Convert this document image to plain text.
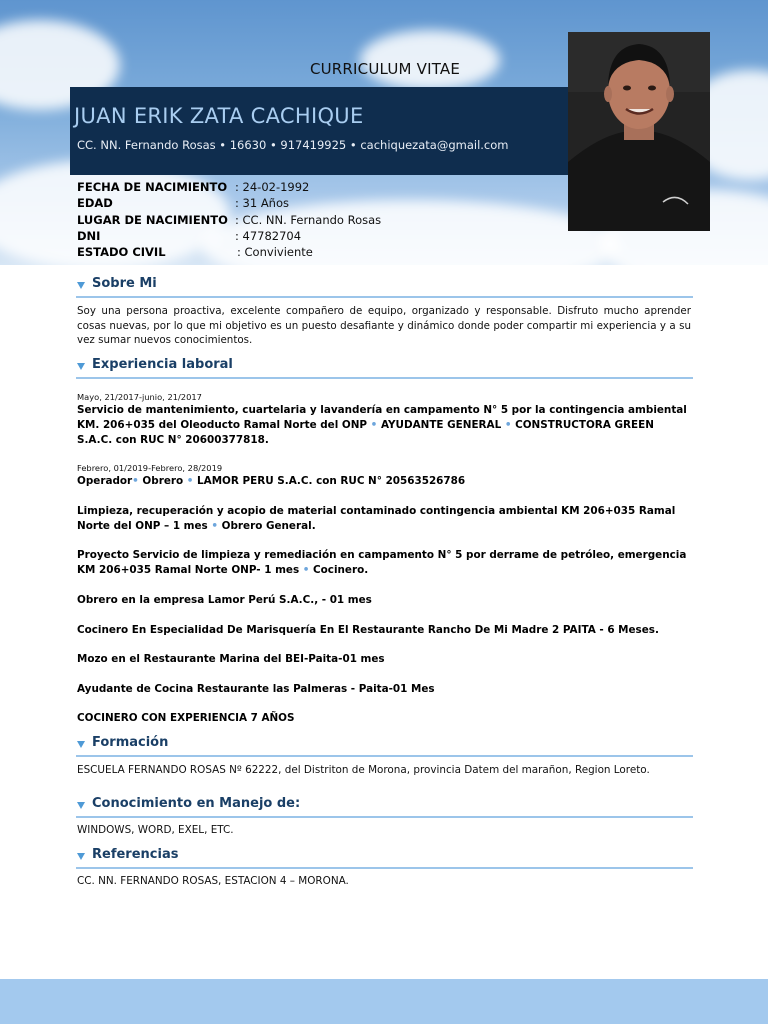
CURRICULUM VITAE
JUAN ERIK ZATA CACHIQUE
CC. NN. Fernando Rosas • 16630 • 917419925 • cachiquezata@gmail.com
FECHA DE NACIMIENTO : 24-02-1992
EDAD	: 31 Años
LUGAR DE NACIMIENTO : CC. NN. Fernando Rosas
DNI	: 47782704
ESTADO CIVIL	: Conviviente
Sobre Mi
Soy una persona proactiva, excelente compañero de equipo, organizado y responsable. Disfruto mucho aprender cosas nuevas, por lo que mi objetivo es un puesto desafiante y dinámico donde poder compartir mi experiencia y a su vez sumar nuevos conocimientos.
Experiencia laboral
Mayo, 21/2017-junio, 21/2017
Servicio de mantenimiento, cuartelaria y lavandería en campamento N° 5 por la contingencia ambiental KM. 206+035 del Oleoducto Ramal Norte del ONP • AYUDANTE GENERAL • CONSTRUCTORA GREEN S.A.C. con RUC N° 20600377818.
Febrero, 01/2019-Febrero, 28/2019
Operador• Obrero • LAMOR PERU S.A.C. con RUC N° 20563526786
Limpieza, recuperación y acopio de material contaminado contingencia ambiental KM 206+035 Ramal Norte del ONP – 1 mes • Obrero General.
Proyecto Servicio de limpieza y remediación en campamento N° 5 por derrame de petróleo, emergencia KM 206+035 Ramal Norte ONP- 1 mes • Cocinero.
Obrero en la empresa Lamor Perú S.A.C., - 01 mes
Cocinero En Especialidad De Marisquería En El Restaurante Rancho De Mi Madre 2 PAITA - 6 Meses.
Mozo en el Restaurante Marina del BEI-Paita-01 mes
Ayudante de Cocina Restaurante las Palmeras - Paita-01 Mes
COCINERO CON EXPERIENCIA 7 AÑOS
Formación
ESCUELA FERNANDO ROSAS Nº 62222, del Distriton de Morona, provincia Datem del marañon, Region Loreto.
Conocimiento en Manejo de:
WINDOWS, WORD, EXEL, ETC.
Referencias
CC. NN. FERNANDO ROSAS, ESTACION 4 – MORONA.
